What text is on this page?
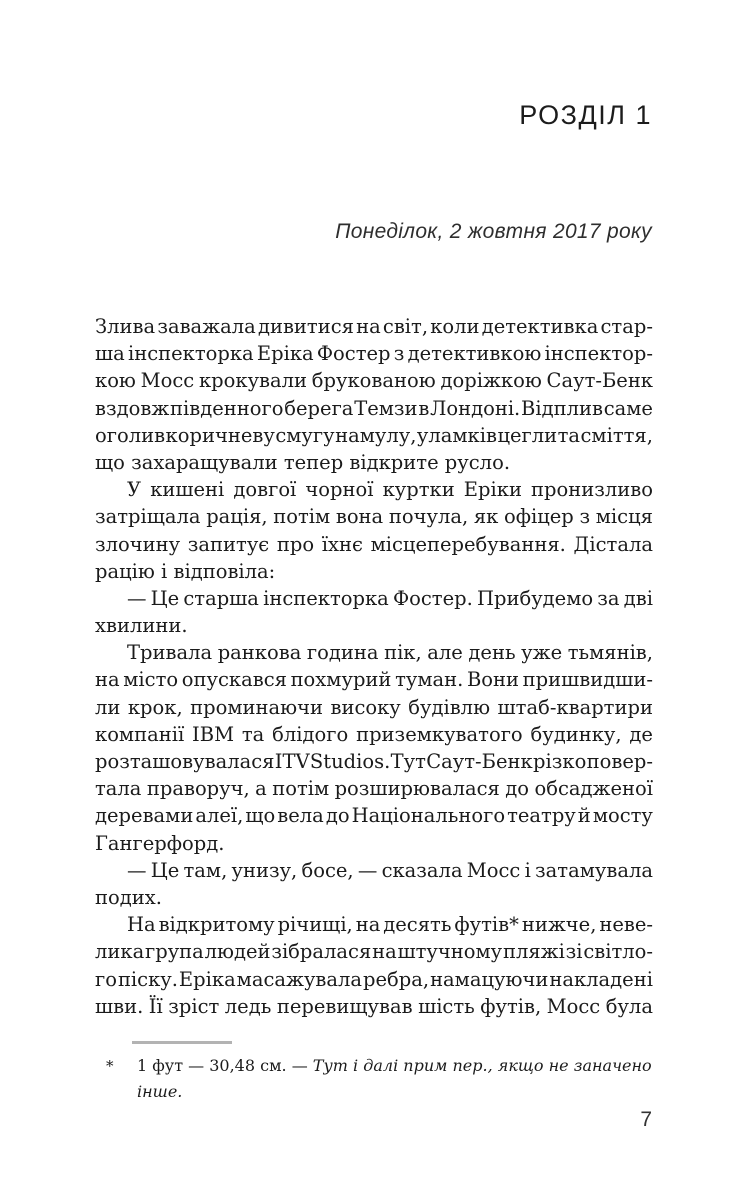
РОЗДІЛ 1
Понеділок, 2 жовтня 2017 року
Злива заважала дивитися на світ, коли детективка стар-
ша інспекторка Еріка Фостер з детективкою інспектор-
кою Мосс крокували брукованою доріжкою Саут-Бенк
вздовж південного берега Темзи в Лондоні. Відплив саме
оголив коричневу смугу намулу, уламків цегли та сміття,
що захаращували тепер відкрите русло.
У кишені довгої чорної куртки Еріки пронизливо
затріщала рація, потім вона почула, як офіцер з місця
злочину запитує про їхнє місцеперебування. Дістала
рацію і відповіла:
— Це старша інспекторка Фостер. Прибудемо за дві
хвилини.
Тривала ранкова година пік, але день уже тьмянів,
на місто опускався похмурий туман. Вони пришвидши-
ли крок, проминаючи високу будівлю штаб-квартири
компанії IBM та блідого приземкуватого будинку, де
розташовувалася ITV Studios. Тут Саут-Бенк різко повер-
тала праворуч, а потім розширювалася до обсадженої
деревами алеї, що вела до Національного театру й мосту
Гангерфорд.
— Це там, унизу, босе, — сказала Мосс і затамувала
подих.
На відкритому річищі, на десять футів* нижче, неве-
лика група людей зібралася на штучному пляжі зі світло-
го піску. Еріка масажувала ребра, намацуючи накладені
шви. Її зріст ледь перевищував шість футів, Мосс була
* 1 фут — 30,48 см. — Тут і далі прим пер., якщо не заначено інше.
7
